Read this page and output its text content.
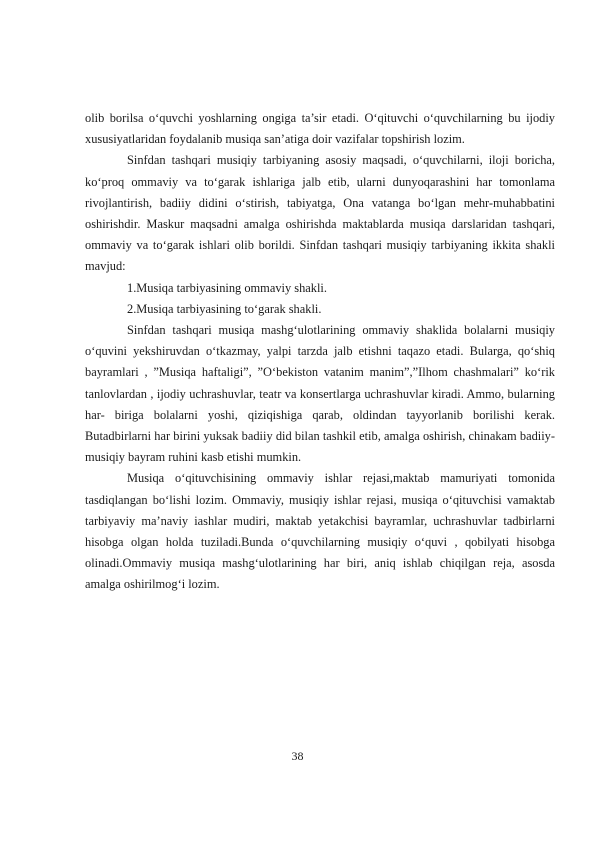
olib borilsa o‘quvchi yoshlarning ongiga ta’sir etadi. O‘qituvchi o‘quvchilarning bu ijodiy xususiyatlaridan foydalanib musiqa san’atiga doir vazifalar topshirish lozim.

Sinfdan tashqari musiqiy tarbiyaning asosiy maqsadi, o‘quvchilarni, iloji boricha, ko‘proq ommaviy va to‘garak ishlariga jalb etib, ularni dunyoqarashini har tomonlama rivojlantirish, badiiy didini o‘stirish, tabiyatga, Ona vatanga bo‘lgan mehr-muhabbatini oshirishdir. Maskur maqsadni amalga oshirishda maktablarda musiqa darslaridan tashqari, ommaviy va to‘garak ishlari olib borildi. Sinfdan tashqari musiqiy tarbiyaning ikkita shakli mavjud:

1.Musiqa tarbiyasining ommaviy shakli.

2.Musiqa tarbiyasining to‘garak shakli.

Sinfdan tashqari musiqa mashg‘ulotlarining ommaviy shaklida bolalarni musiqiy o‘quvini yekshiruvdan o‘tkazmay, yalpi tarzda jalb etishni taqazo etadi. Bularga, qo‘shiq bayramlari , ”Musiqa haftaligi”, ”O‘bekiston vatanim manim”,”Ilhom chashmalari” ko‘rik tanlovlardan , ijodiy uchrashuvlar, teatr va konsertlarga uchrashuvlar kiradi. Ammo, bularning har- biriga bolalarni yoshi, qiziqishiga qarab, oldindan tayyorlanib borilishi kerak. Butadbirlarni har birini yuksak badiiy did bilan tashkil etib, amalga oshirish, chinakam badiiy- musiqiy bayram ruhini kasb etishi mumkin.

Musiqa o‘qituvchisining ommaviy ishlar rejasi,maktab mamuriyati tomonida tasdiqlangan bo‘lishi lozim. Ommaviy, musiqiy ishlar rejasi, musiqa o‘qituvchisi vamaktab tarbiyaviy ma’naviy iashlar mudiri, maktab yetakchisi bayramlar, uchrashuvlar tadbirlarni hisobga olgan holda tuziladi.Bunda o‘quvchilarning musiqiy o‘quvi , qobilyati hisobga olinadi.Ommaviy musiqa mashg‘ulotlarining har biri, aniq ishlab chiqilgan reja, asosda amalga oshirilmog‘i lozim.

38
